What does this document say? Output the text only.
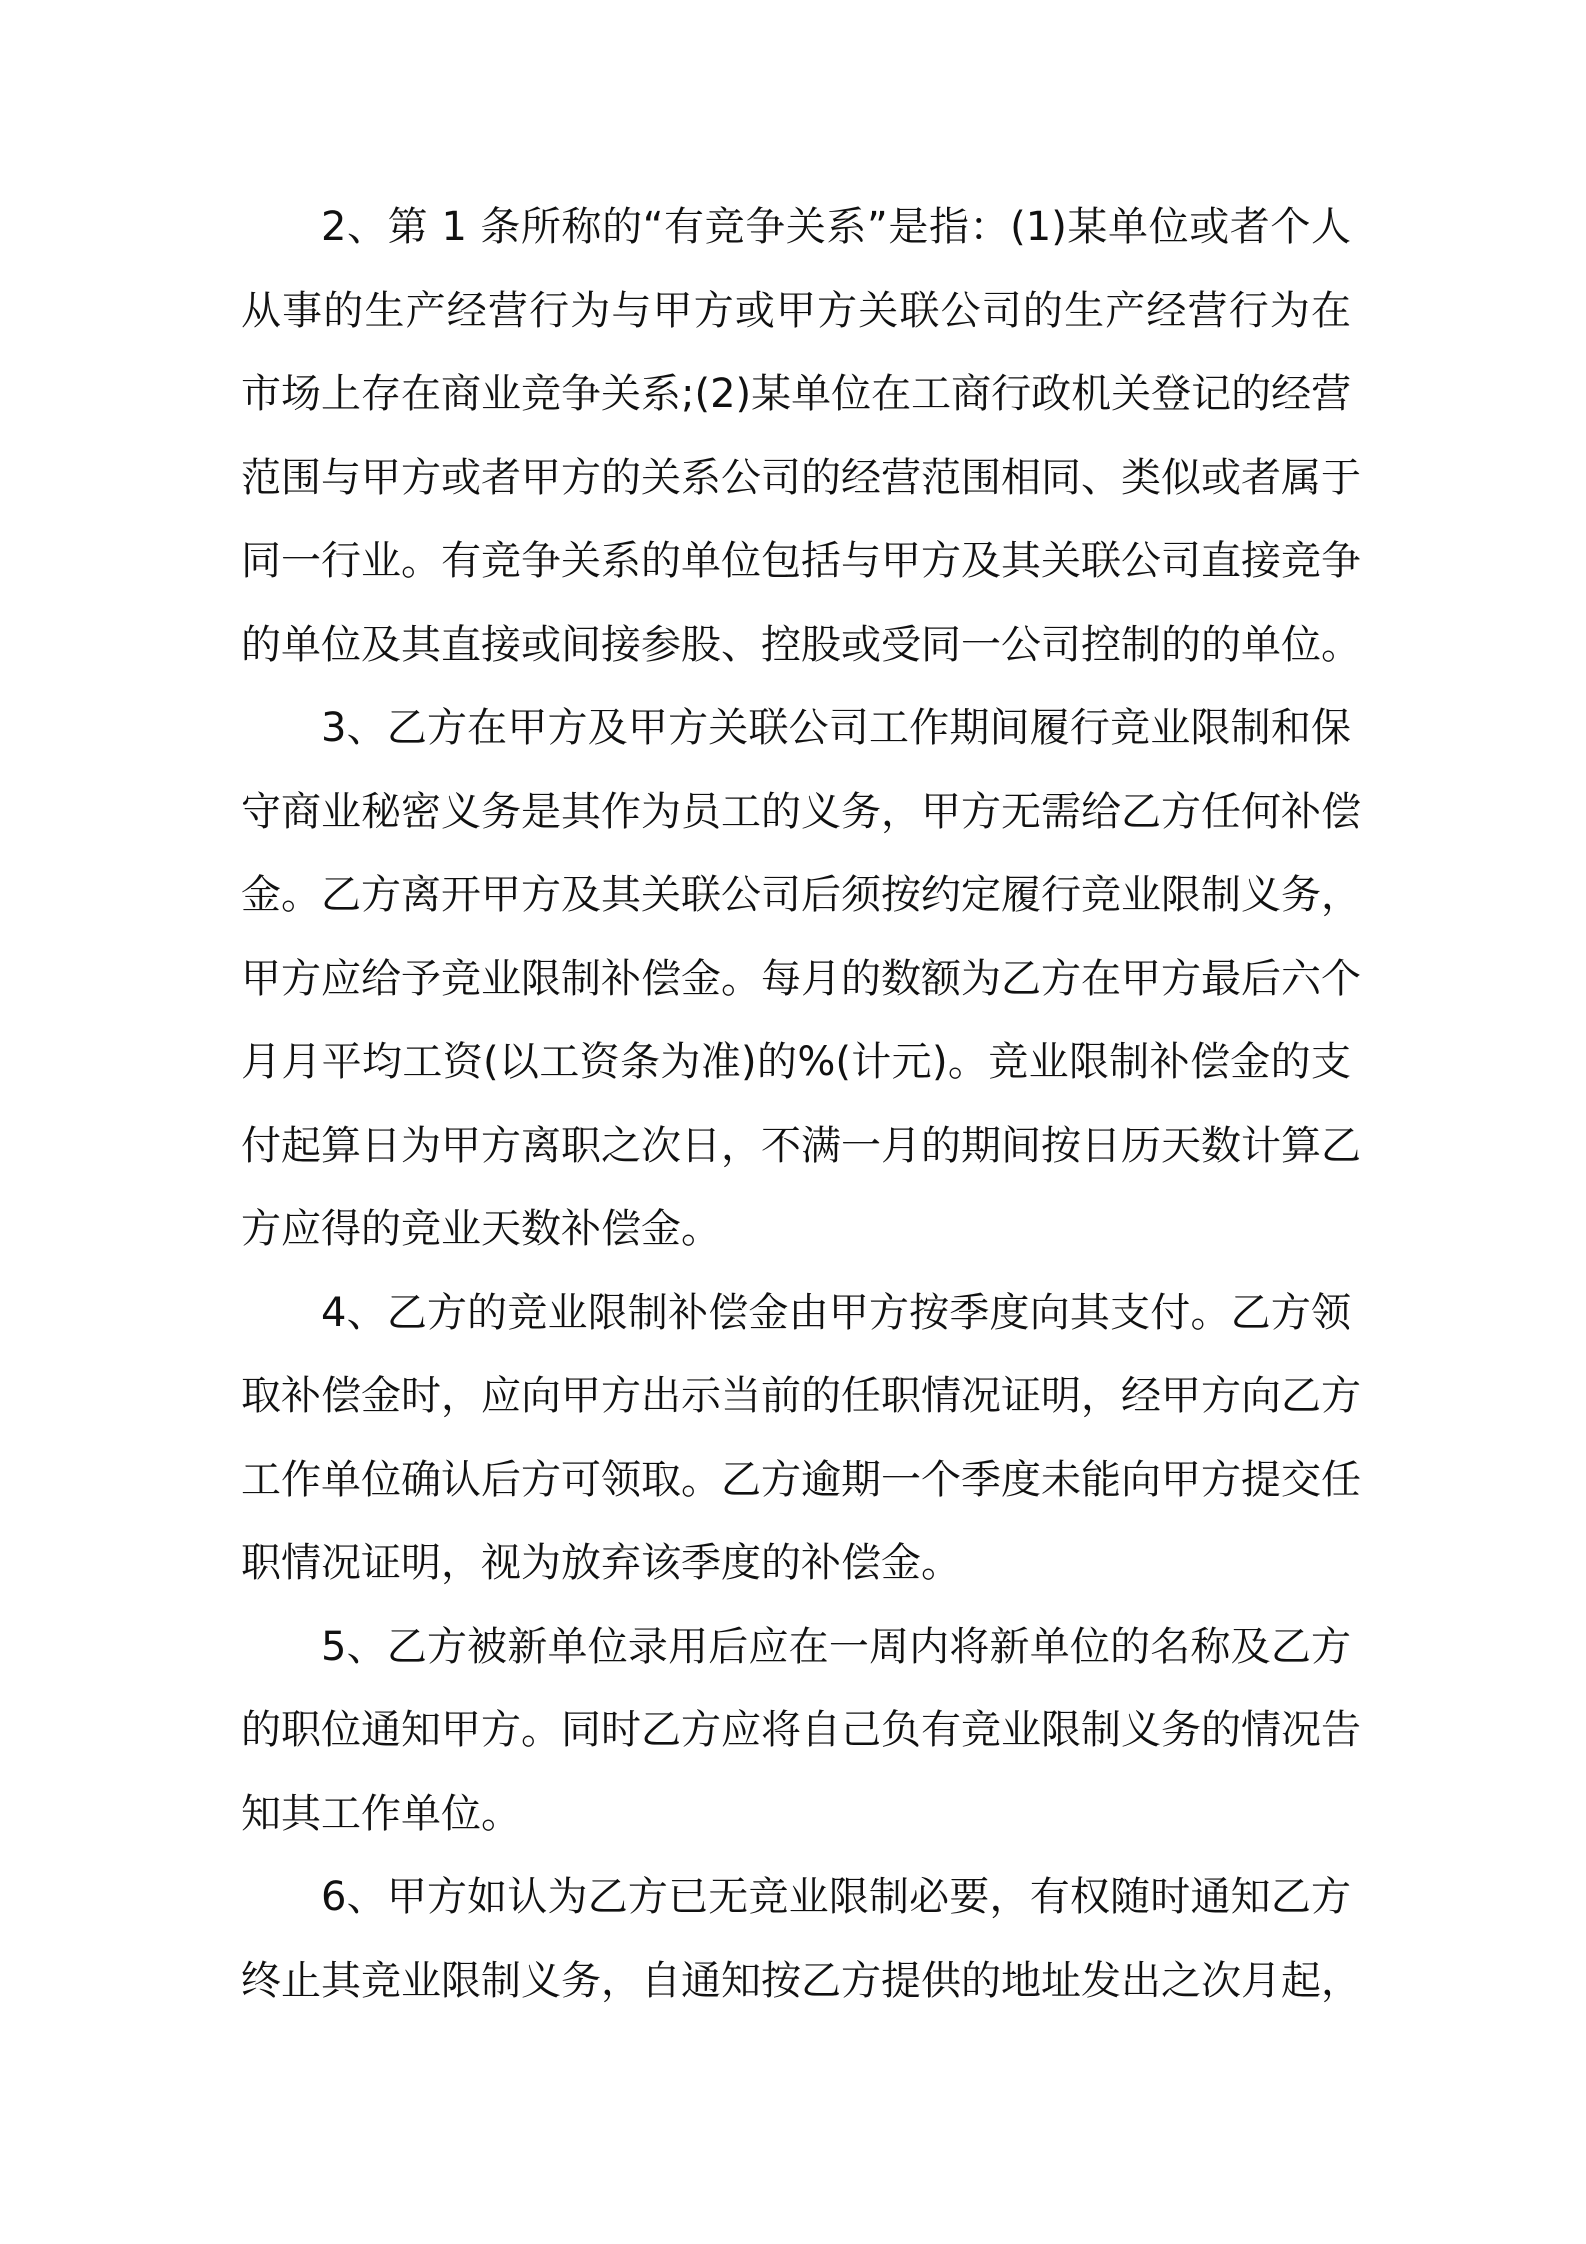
2、第 1 条所称的“有竞争关系”是指：(1)某单位或者个人
从事的生产经营行为与甲方或甲方关联公司的生产经营行为在
市场上存在商业竞争关系;(2)某单位在工商行政机关登记的经营
范围与甲方或者甲方的关系公司的经营范围相同、类似或者属于
同一行业。有竞争关系的单位包括与甲方及其关联公司直接竞争
的单位及其直接或间接参股、控股或受同一公司控制的的单位。
3、乙方在甲方及甲方关联公司工作期间履行竞业限制和保
守商业秘密义务是其作为员工的义务，甲方无需给乙方任何补偿
金。乙方离开甲方及其关联公司后须按约定履行竞业限制义务，
甲方应给予竞业限制补偿金。每月的数额为乙方在甲方最后六个
月月平均工资(以工资条为准)的%(计元)。竞业限制补偿金的支
付起算日为甲方离职之次日，不满一月的期间按日历天数计算乙
方应得的竞业天数补偿金。
4、乙方的竞业限制补偿金由甲方按季度向其支付。乙方领
取补偿金时，应向甲方出示当前的任职情况证明，经甲方向乙方
工作单位确认后方可领取。乙方逾期一个季度未能向甲方提交任
职情况证明，视为放弃该季度的补偿金。
5、乙方被新单位录用后应在一周内将新单位的名称及乙方
的职位通知甲方。同时乙方应将自己负有竞业限制义务的情况告
知其工作单位。
6、甲方如认为乙方已无竞业限制必要，有权随时通知乙方
终止其竞业限制义务，自通知按乙方提供的地址发出之次月起，
